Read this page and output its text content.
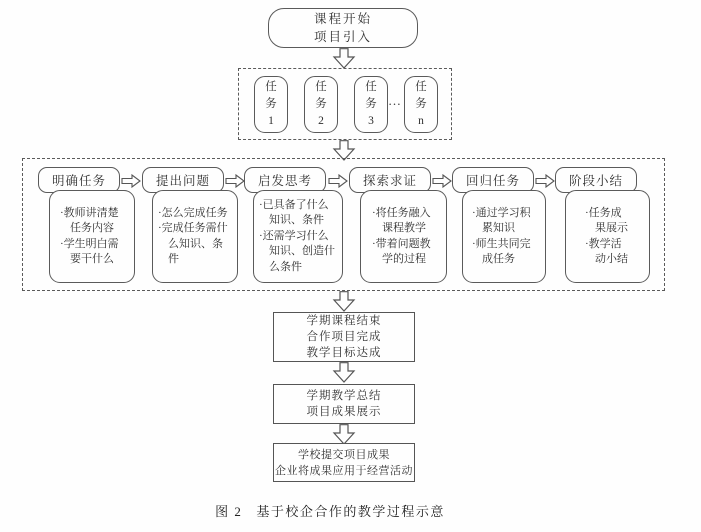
课程开始
项目引入
任
务
1
任
务
2
任
务
3
…
任
务
n
明确任务
·教师讲清楚任务内容
·学生明白需要干什么
提出问题
·怎么完成任务
·完成任务需什么知识、条件
启发思考
·已具备了什么知识、条件
·还需学习什么知识、创造什么条件
探索求证
·将任务融入课程教学
·带着问题教学的过程
回归任务
·通过学习积累知识
·师生共同完成任务
阶段小结
·任务成果展示
·教学活动小结
学期课程结束
合作项目完成
教学目标达成
学期教学总结
项目成果展示
学校提交项目成果
企业将成果应用于经营活动
图 2 基于校企合作的教学过程示意
